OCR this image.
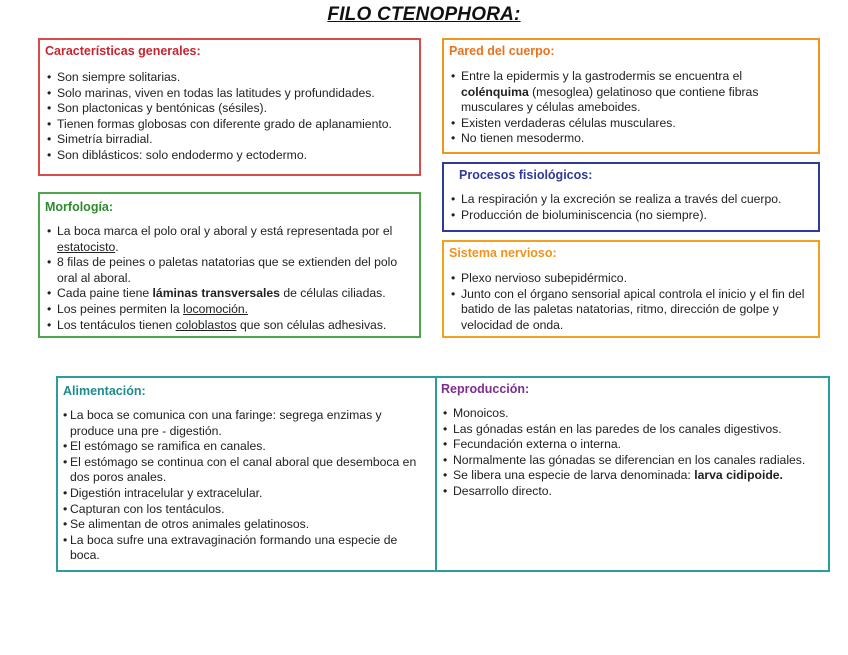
FILO CTENOPHORA:
Características generales:
• Son siempre solitarias.
• Solo marinas, viven en todas las latitudes y profundidades.
• Son plactonicas y bentónicas (sésiles).
• Tienen formas globosas con diferente grado de aplanamiento.
• Simetría birradial.
• Son diblásticos: solo endodermo y ectodermo.
Morfología:
• La boca marca el polo oral y aboral y está representada por el estatocisto.
• 8 filas de peines o paletas natatorias que se extienden del polo oral al aboral.
• Cada paine tiene láminas transversales de células ciliadas.
• Los peines permiten la locomoción.
• Los tentáculos tienen coloblastos que son células adhesivas.
Pared del cuerpo:
• Entre la epidermis y la gastrodermis se encuentra el colénquima (mesoglea) gelatinoso que contiene fibras musculares y células ameboides.
• Existen verdaderas células musculares.
• No tienen mesodermo.
Procesos fisiológicos:
• La respiración y la excreción se realiza a través del cuerpo.
• Producción de bioluminiscencia (no siempre).
Sistema nervioso:
• Plexo nervioso subepidérmico.
• Junto con el órgano sensorial apical controla el inicio y el fin del batido de las paletas natatorias, ritmo, dirección de golpe y velocidad de onda.
Alimentación:
• La boca se comunica con una faringe: segrega enzimas y produce una pre - digestión.
• El estómago se ramifica en canales.
• El estómago se continua con el canal aboral que desemboca en dos poros anales.
• Digestión intracelular y extracelular.
• Capturan con los tentáculos.
• Se alimentan de otros animales gelatinosos.
• La boca sufre una extravaginación formando una especie de boca.
Reproducción:
• Monoicos.
• Las gónadas están en las paredes de los canales digestivos.
• Fecundación externa o interna.
• Normalmente las gónadas se diferencian en los canales radiales.
• Se libera una especie de larva denominada: larva cidipoide.
• Desarrollo directo.
